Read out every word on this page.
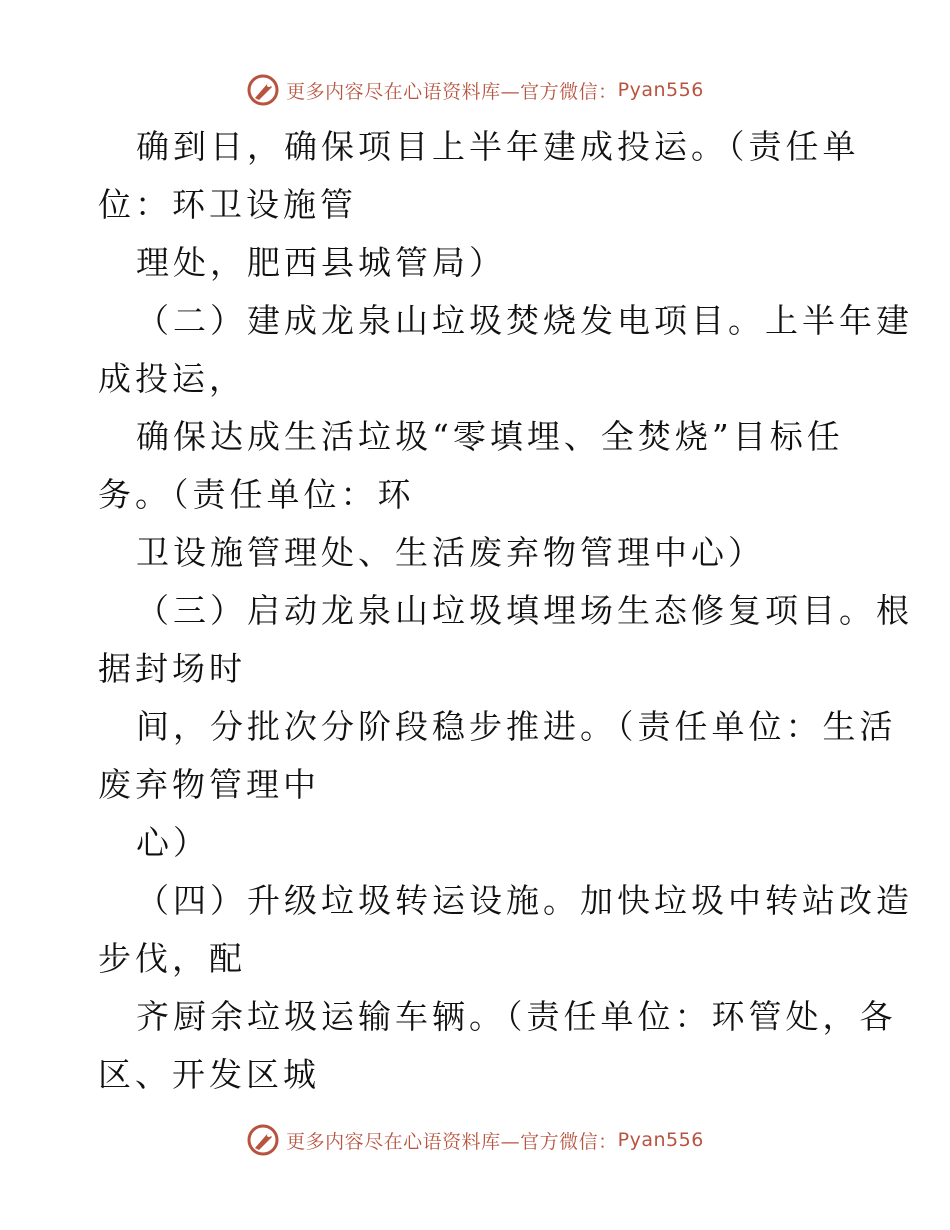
更多内容尽在心语资料库—官方微信： Pyan556
确到日，确保项目上半年建成投运。（责任单
位：环卫设施管
理处，肥西县城管局）
（二）建成龙泉山垃圾焚烧发电项目。上半年建
成投运，
确保达成生活垃圾“零填埋、全焚烧”目标任
务。（责任单位：环
卫设施管理处、生活废弃物管理中心）
（三）启动龙泉山垃圾填埋场生态修复项目。根
据封场时
间，分批次分阶段稳步推进。（责任单位：生活
废弃物管理中
心）
（四）升级垃圾转运设施。加快垃圾中转站改造
步伐，配
齐厨余垃圾运输车辆。（责任单位：环管处，各
区、开发区城
更多内容尽在心语资料库—官方微信： Pyan556
